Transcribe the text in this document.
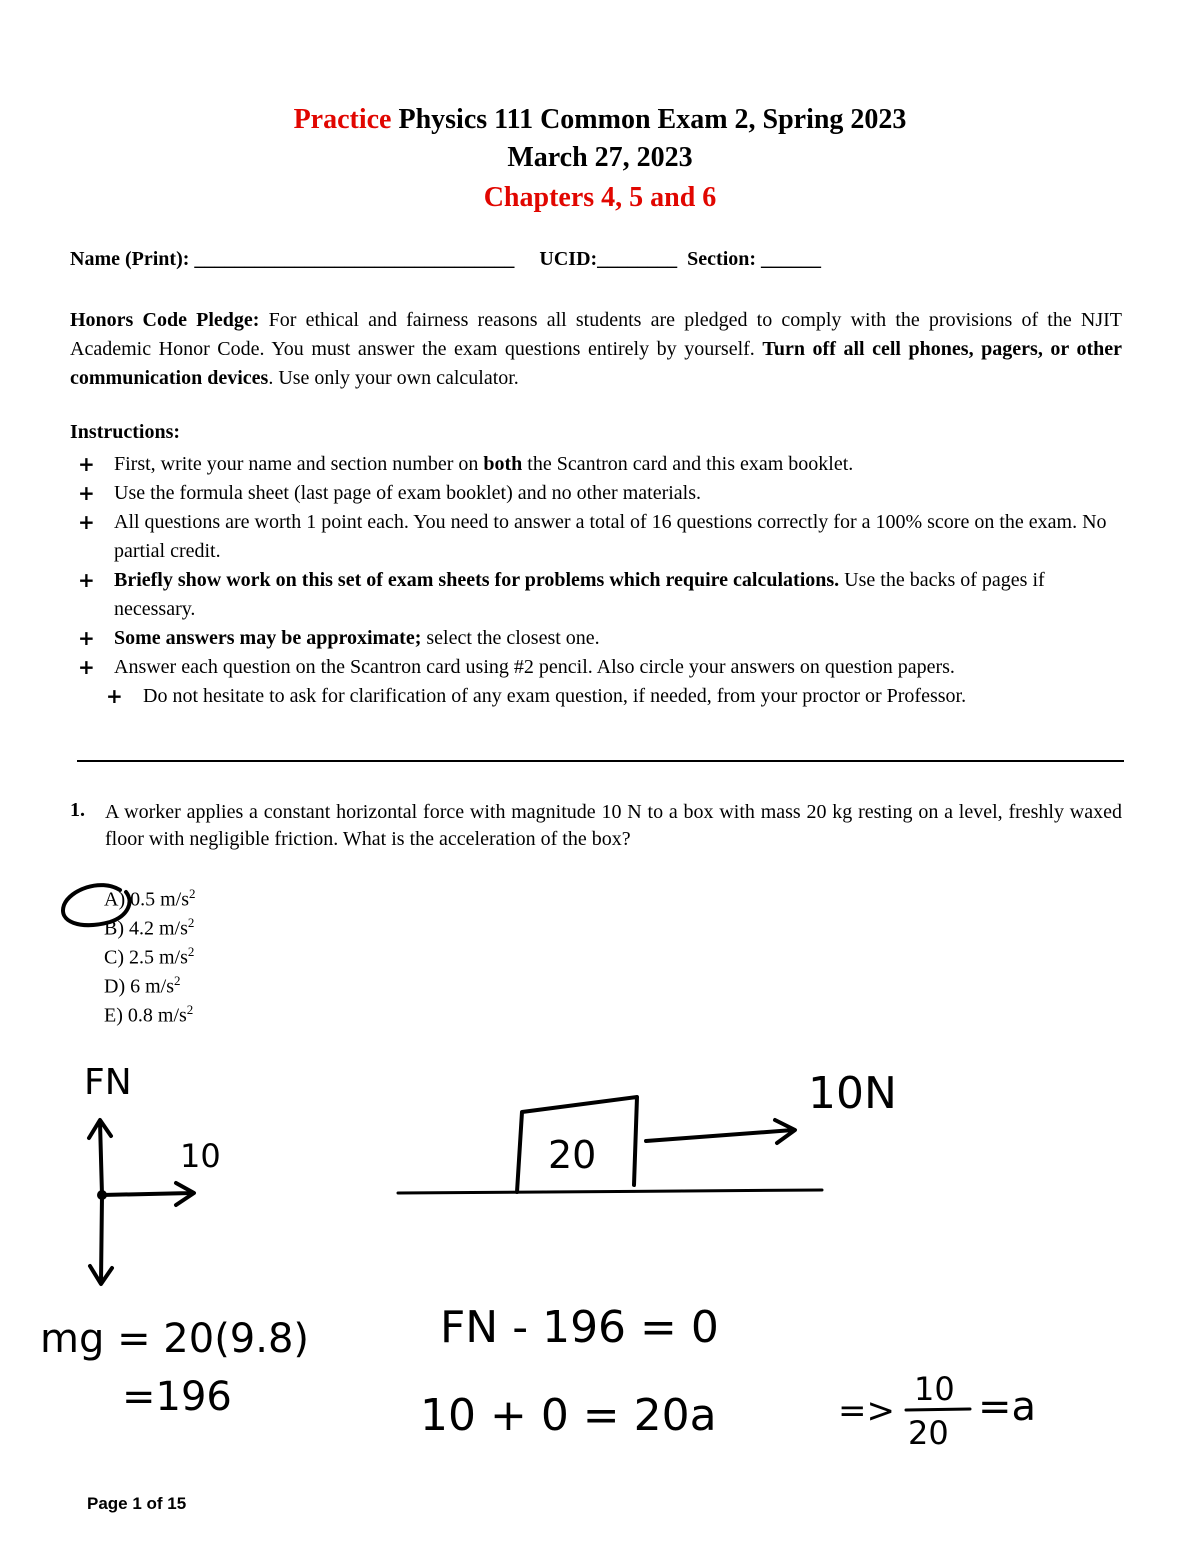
Practice Physics 111 Common Exam 2, Spring 2023
March 27, 2023
Chapters 4, 5 and 6
Name (Print): ________________________________     UCID:________  Section: ______
Honors Code Pledge: For ethical and fairness reasons all students are pledged to comply with the provisions of the NJIT Academic Honor Code. You must answer the exam questions entirely by yourself. Turn off all cell phones, pagers, or other communication devices. Use only your own calculator.
Instructions:
+ First, write your name and section number on both the Scantron card and this exam booklet.
+ Use the formula sheet (last page of exam booklet) and no other materials.
+ All questions are worth 1 point each. You need to answer a total of 16 questions correctly for a 100% score on the exam. No partial credit.
+ Briefly show work on this set of exam sheets for problems which require calculations. Use the backs of pages if necessary.
+ Some answers may be approximate; select the closest one.
+ Answer each question on the Scantron card using #2 pencil. Also circle your answers on question papers.
+ Do not hesitate to ask for clarification of any exam question, if needed, from your proctor or Professor.
1. A worker applies a constant horizontal force with magnitude 10 N to a box with mass 20 kg resting on a level, freshly waxed floor with negligible friction. What is the acceleration of the box?
A) 0.5 $m/s^2$
B) 4.2 $m/s^2$
C) 2.5 $m/s^2$
D) 6 $m/s^2$
E) 0.8 $m/s^2$
FN
10	20
10N
mg = 20(9.8)
=196
FN - 196 = 0
10 + 0 = 20a	=>
10
20
=a
Page 1 of 15
